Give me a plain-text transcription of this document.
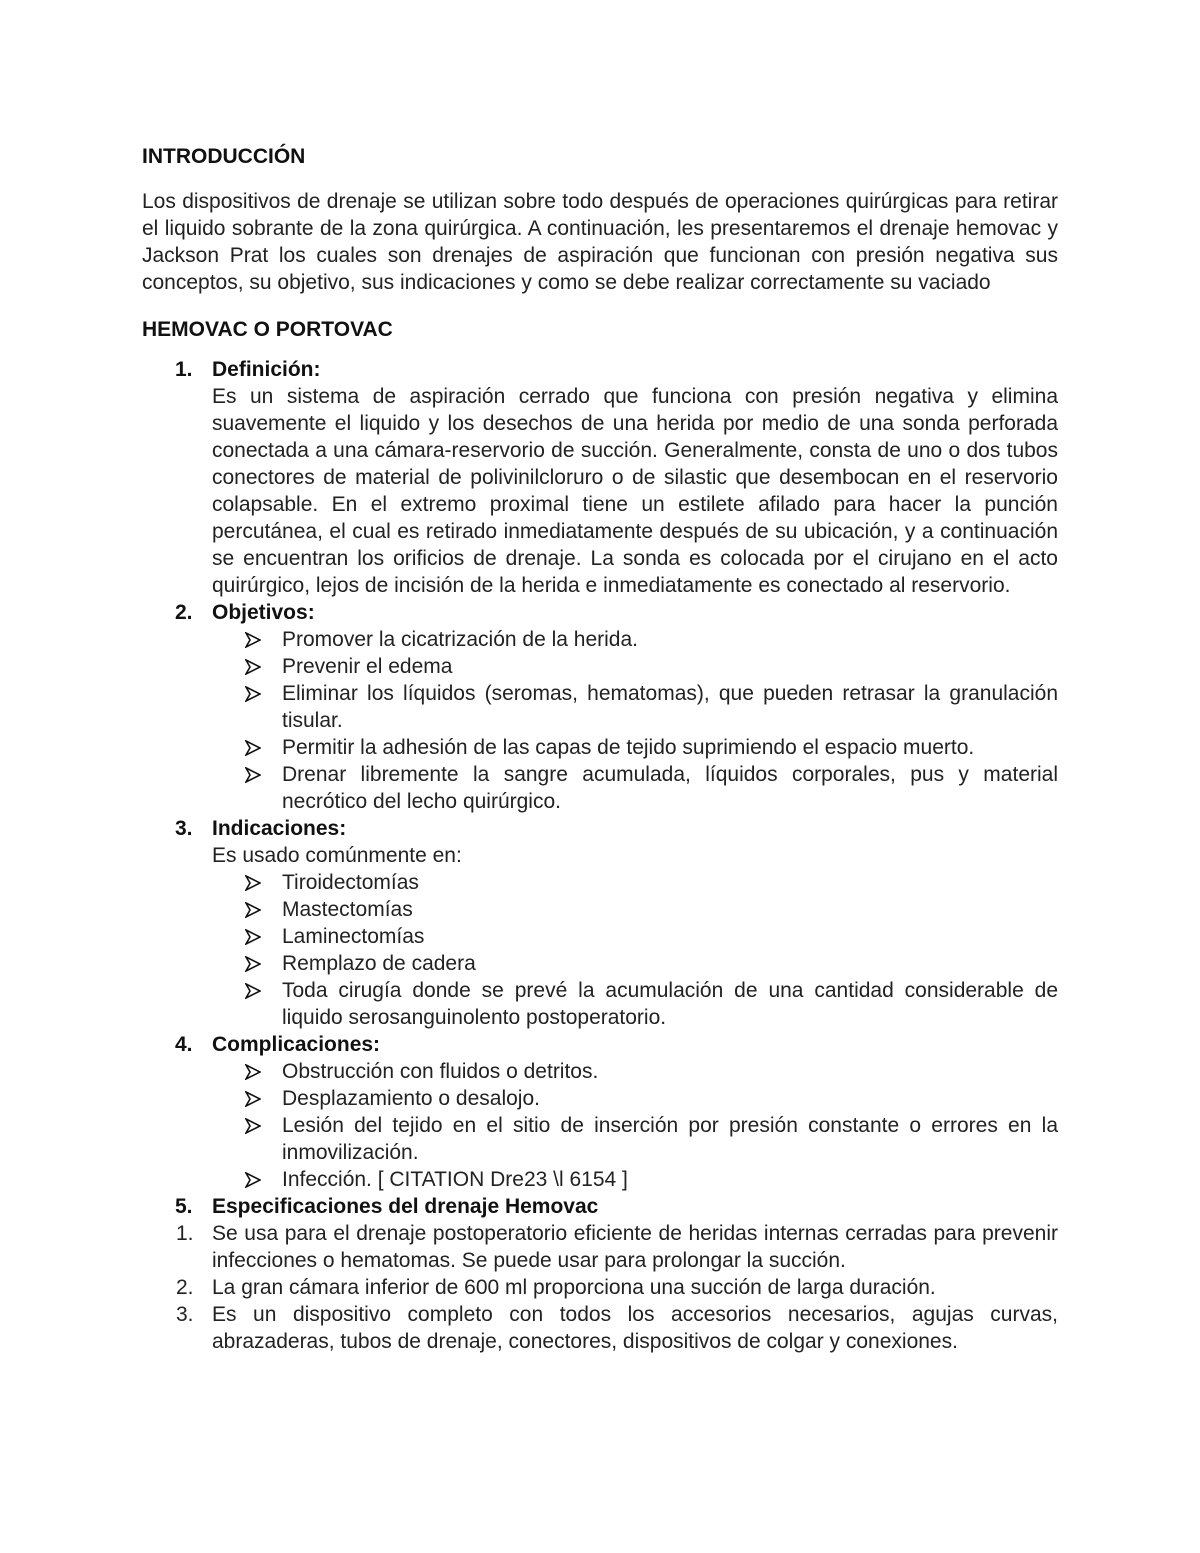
INTRODUCCIÓN

Los dispositivos de drenaje se utilizan sobre todo después de operaciones quirúrgicas para retirar el liquido sobrante de la zona quirúrgica. A continuación, les presentaremos el drenaje hemovac y Jackson Prat los cuales son drenajes de aspiración que funcionan con presión negativa sus conceptos, su objetivo, sus indicaciones y como se debe realizar correctamente su vaciado

HEMOVAC O PORTOVAC
1. Definición:

Es un sistema de aspiración cerrado que funciona con presión negativa y elimina suavemente el liquido y los desechos de una herida por medio de una sonda perforada conectada a una cámara-reservorio de succión. Generalmente, consta de uno o dos tubos conectores de material de polivinilcloruro o de silastic que desembocan en el reservorio colapsable. En el extremo proximal tiene un estilete afilado para hacer la punción percutánea, el cual es retirado inmediatamente después de su ubicación, y a continuación se encuentran los orificios de drenaje. La sonda es colocada por el cirujano en el acto quirúrgico, lejos de incisión de la herida e inmediatamente es conectado al reservorio.

2. Objetivos:
Promover la cicatrización de la herida.
Prevenir el edema
Eliminar los líquidos (seromas, hematomas), que pueden retrasar la granulación tisular.
Permitir la adhesión de las capas de tejido suprimiendo el espacio muerto.
Drenar libremente la sangre acumulada, líquidos corporales, pus y material necrótico del lecho quirúrgico.
3. Indicaciones:

Es usado comúnmente en:

Tiroidectomías
Mastectomías
Laminectomías
Remplazo de cadera
Toda cirugía donde se prevé la acumulación de una cantidad considerable de liquido serosanguinolento postoperatorio.
4. Complicaciones:
Obstrucción con fluidos o detritos.
Desplazamiento o desalojo.
Lesión del tejido en el sitio de inserción por presión constante o errores en la inmovilización.
Infección. [ CITATION Dre23 \l 6154 ]
5. Especificaciones del drenaje Hemovac
1. Se usa para el drenaje postoperatorio eficiente de heridas internas cerradas para prevenir infecciones o hematomas. Se puede usar para prolongar la succión.
2. La gran cámara inferior de 600 ml proporciona una succión de larga duración.
3. Es un dispositivo completo con todos los accesorios necesarios, agujas curvas, abrazaderas, tubos de drenaje, conectores, dispositivos de colgar y conexiones.
